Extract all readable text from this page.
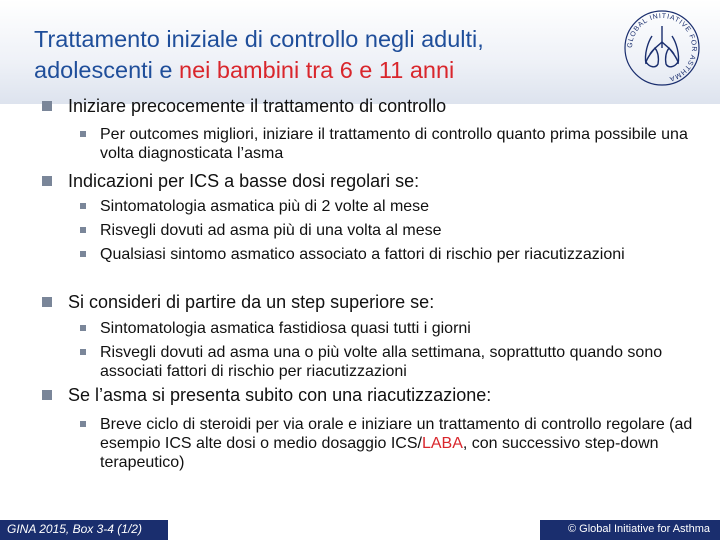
Trattamento iniziale di controllo negli adulti,
adolescenti e nei bambini tra 6 e 11 anni
GLOBAL INITIATIVE FOR ASTHMA
Iniziare precocemente il trattamento di controllo
Per outcomes migliori, iniziare il trattamento di controllo quanto prima possibile una volta diagnosticata l’asma
Indicazioni per ICS a basse dosi regolari se:
Sintomatologia asmatica più di 2 volte al mese
Risvegli dovuti ad asma più di una volta al mese
Qualsiasi sintomo asmatico associato a fattori di rischio per riacutizzazioni
Si consideri di partire da un step superiore se:
Sintomatologia asmatica fastidiosa quasi tutti i giorni
Risvegli dovuti ad asma una o più volte alla settimana, soprattutto quando sono associati fattori di rischio per riacutizzazioni
Se l’asma si presenta subito con una riacutizzazione:
Breve ciclo di steroidi per via orale e iniziare un trattamento di controllo regolare (ad esempio ICS alte dosi o medio dosaggio ICS/LABA, con successivo step-down terapeutico)
GINA 2015, Box 3-4 (1/2)	© Global Initiative for Asthma
